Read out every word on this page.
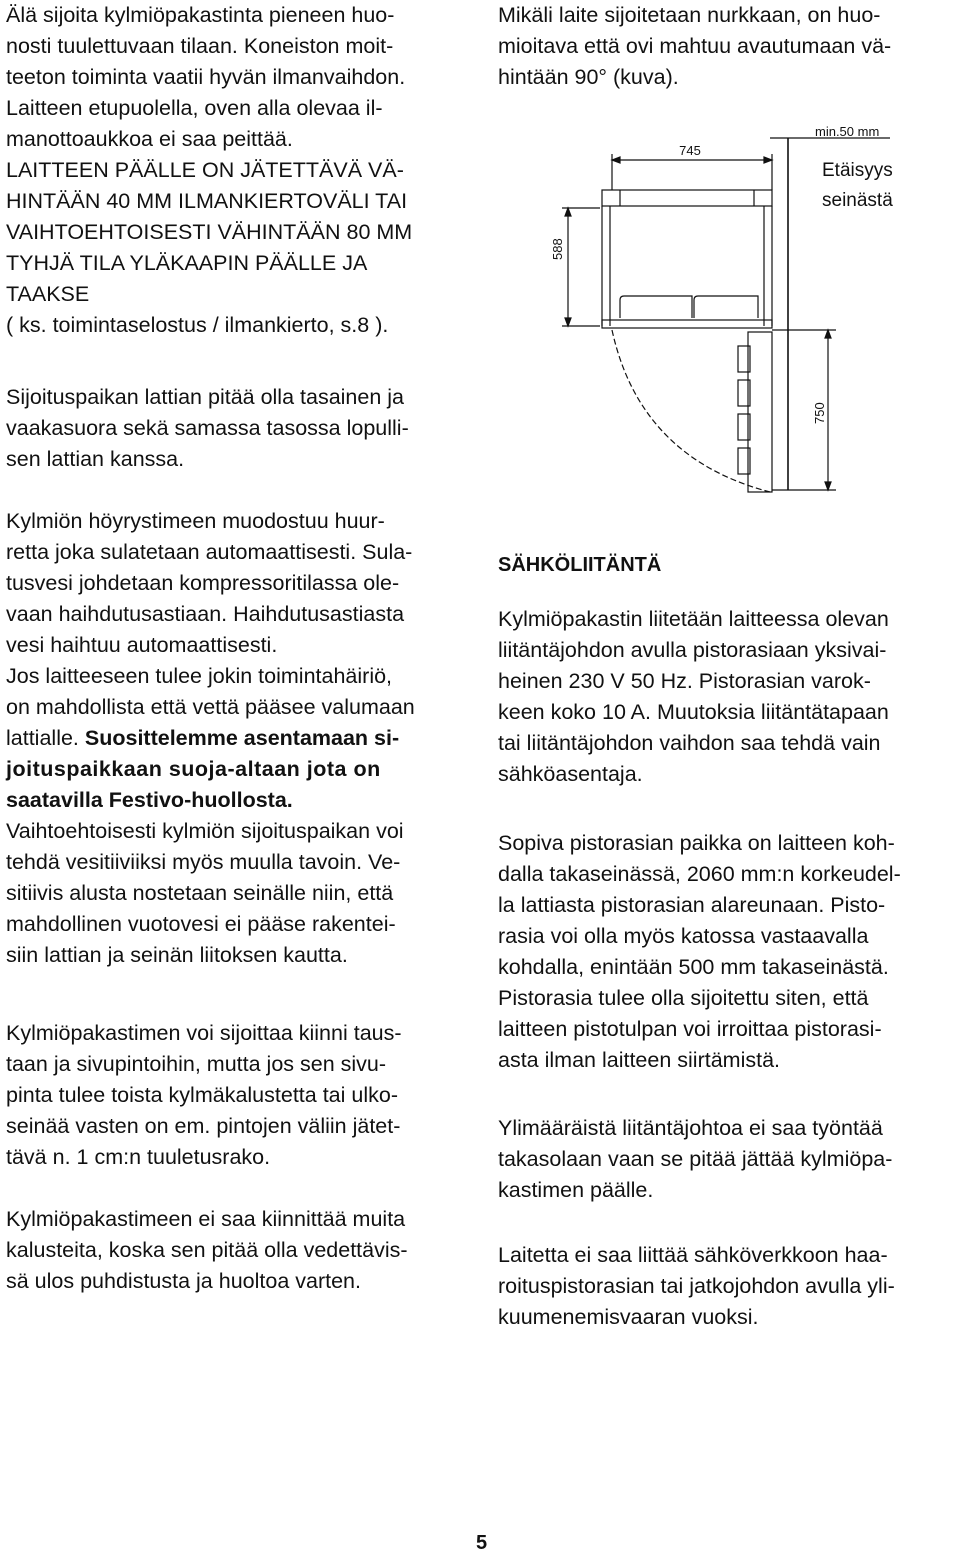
Älä sijoita kylmiöpakastinta pieneen huo-
nosti tuulettuvaan tilaan. Koneiston moit-
teeton toiminta vaatii hyvän ilmanvaihdon.
Laitteen etupuolella, oven alla olevaa il-
manottoaukkoa ei saa peittää.
LAITTEEN PÄÄLLE ON JÄTETTÄVÄ VÄ-
HINTÄÄN 40 MM ILMANKIERTOVÄLI TAI
VAIHTOEHTOISESTI VÄHINTÄÄN 80 MM
TYHJÄ TILA YLÄKAAPIN PÄÄLLE JA
TAAKSE
( ks. toimintaselostus / ilmankierto, s.8 ).
Sijoituspaikan lattian pitää olla tasainen ja
vaakasuora sekä samassa tasossa lopulli-
sen lattian kanssa.
Kylmiön höyrystimeen muodostuu huur-
retta joka sulatetaan automaattisesti. Sula-
tusvesi johdetaan kompressoritilassa ole-
vaan haihdutusastiaan. Haihdutusastiasta
vesi haihtuu automaattisesti.
Jos laitteeseen tulee jokin toimintahäiriö,
on mahdollista että vettä pääsee valumaan
lattialle. Suosittelemme asentamaan si-
joituspaikkaan suoja-altaan jota on
saatavilla Festivo-huollosta.
Vaihtoehtoisesti kylmiön sijoituspaikan voi
tehdä vesitiiviiksi myös muulla tavoin. Ve-
sitiivis alusta nostetaan seinälle niin, että
mahdollinen vuotovesi ei pääse rakentei-
siin lattian ja seinän liitoksen kautta.
Kylmiöpakastimen voi sijoittaa kiinni taus-
taan ja sivupintoihin, mutta jos sen sivu-
pinta tulee toista kylmäkalustetta tai ulko-
seinää vasten on em. pintojen väliin jätet-
tävä n. 1 cm:n tuuletusrako.
Kylmiöpakastimeen ei saa kiinnittää muita
kalusteita, koska sen pitää olla vedettävis-
sä ulos puhdistusta ja huoltoa varten.
Mikäli laite sijoitetaan nurkkaan, on huo-
mioitava että ovi mahtuu avautumaan vä-
hintään 90° (kuva).
SÄHKÖLIITÄNTÄ
Kylmiöpakastin liitetään laitteessa olevan
liitäntäjohdon avulla pistorasiaan yksivai-
heinen 230 V 50 Hz. Pistorasian varok-
keen koko 10 A. Muutoksia liitäntätapaan
tai liitäntäjohdon vaihdon saa tehdä vain
sähköasentaja.
Sopiva pistorasian paikka on laitteen koh-
dalla takaseinässä, 2060 mm:n korkeudel-
la lattiasta pistorasian alareunaan. Pisto-
rasia voi olla myös katossa vastaavalla
kohdalla, enintään 500 mm takaseinästä.
Pistorasia tulee olla sijoitettu siten, että
laitteen pistotulpan voi irroittaa pistorasi-
asta ilman laitteen siirtämistä.
Ylimääräistä liitäntäjohtoa ei saa työntää
takasolaan vaan se pitää jättää kylmiöpa-
kastimen päälle.
Laitetta ei saa liittää sähköverkkoon haa-
roituspistorasian tai jatkojohdon avulla yli-
kuumenemisvaaran vuoksi.
745
588
750
min.50 mm
Etäisyys
seinästä
5
